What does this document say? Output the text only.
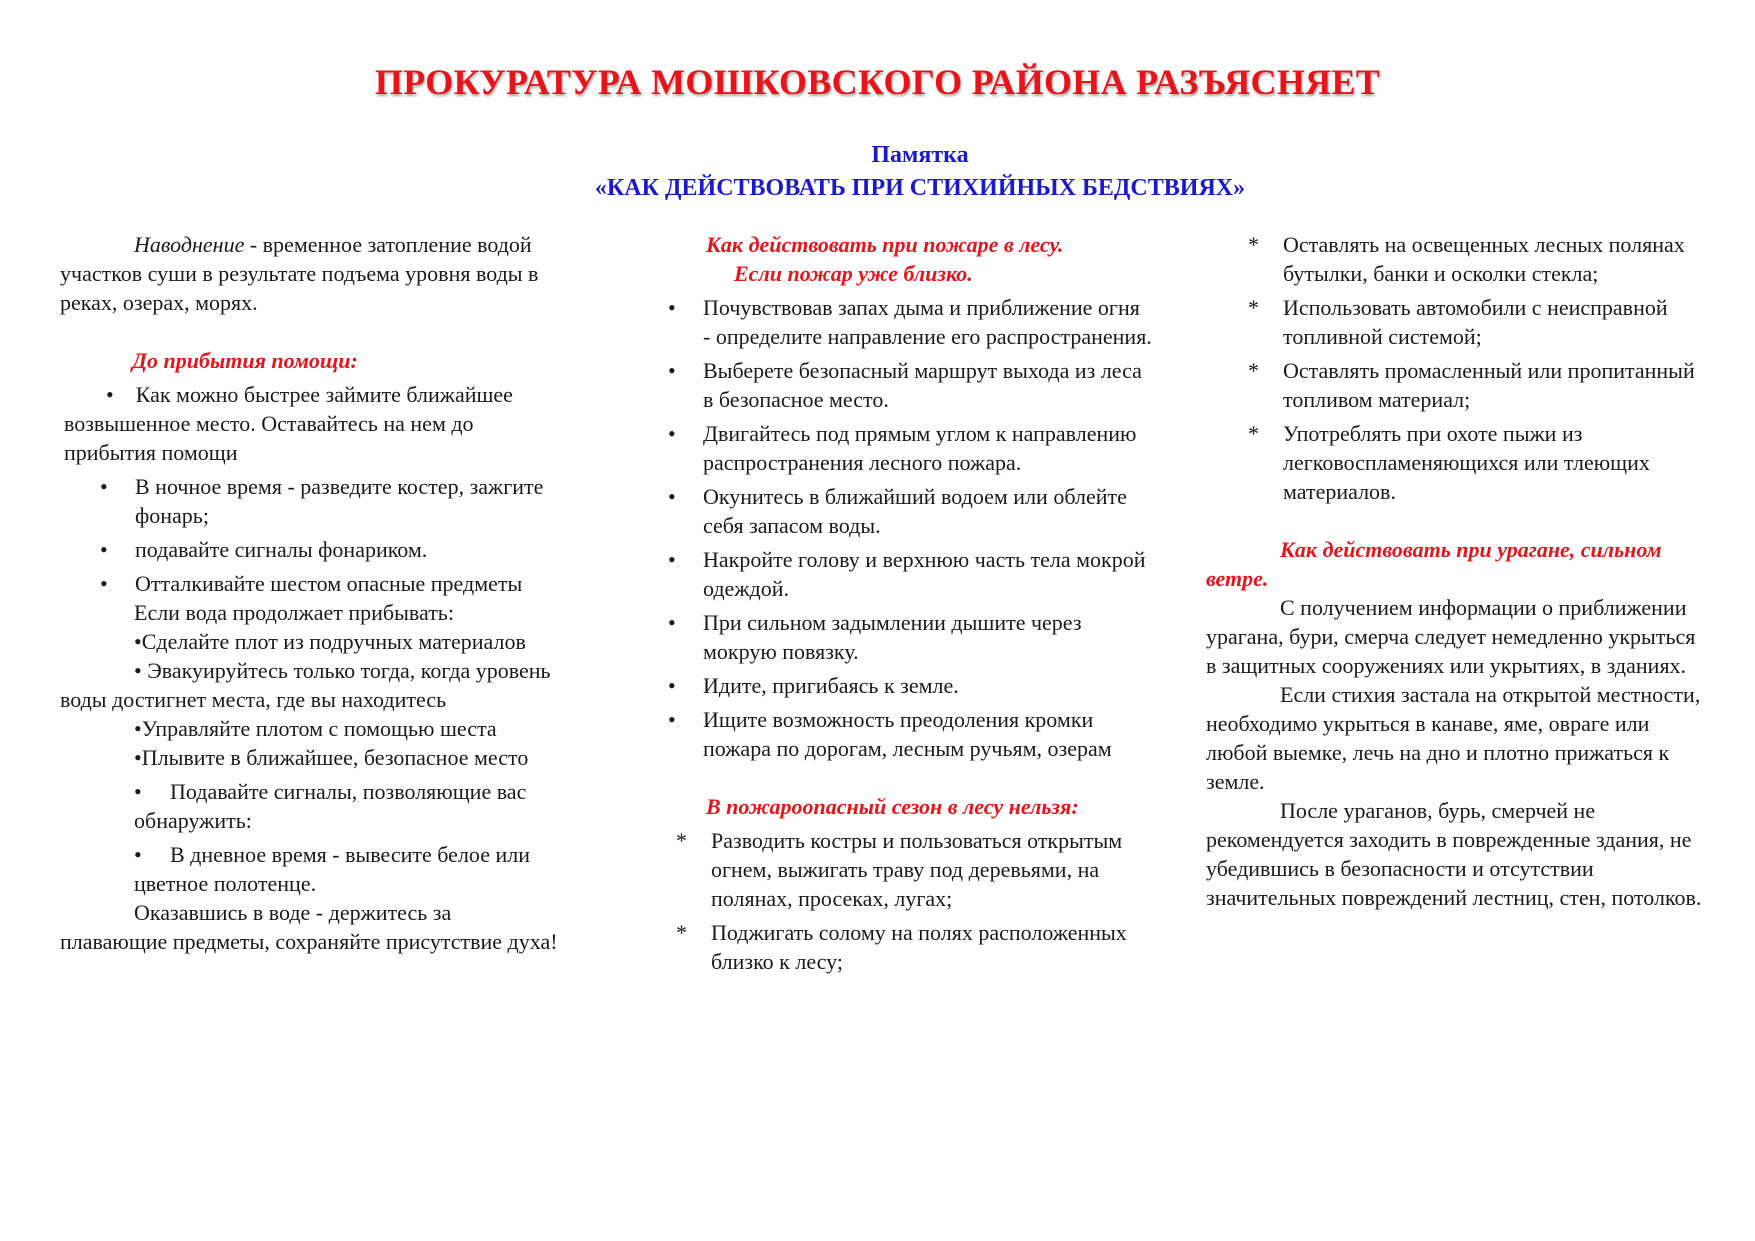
ПРОКУРАТУРА МОШКОВСКОГО РАЙОНА РАЗЪЯСНЯЕТ
Памятка
«КАК ДЕЙСТВОВАТЬ ПРИ СТИХИЙНЫХ БЕДСТВИЯХ»

Наводнение - временное затопление водой участков суши в результате подъема уровня воды в реках, озерах, морях.

До прибытия помощи:

• Как можно быстрее займите ближайшее возвышенное место. Оставайтесь на нем до прибытия помощи

•	В ночное время - разведите костер, зажгите фонарь;
•	подавайте сигналы фонариком.
•	Отталкивайте шестом опасные предметы

Если вода продолжает прибывать:

•Сделайте плот из подручных материалов

• Эвакуируйтесь только тогда, когда уровень воды достигнет места, где вы находитесь

•Управляйте плотом с помощью шеста

•Плывите в ближайшее, безопасное место

•	Подавайте сигналы, позволяющие вас обнаружить:

•	В дневное время - вывесите белое или цветное полотенце.

Оказавшись в воде - держитесь за плавающие предметы, сохраняйте присутствие духа!

Как действовать при пожаре в лесу.

Если пожар уже близко.

•	Почувствовав запах дыма и приближение огня - определите направление его распространения.
•	Выберете безопасный маршрут выхода из леса в безопасное место.
•	Двигайтесь под прямым углом к направлению распространения лесного пожара.
•	Окунитесь в ближайший водоем или облейте себя запасом воды.
•	Накройте голову и верхнюю часть тела мокрой одеждой.
•	При сильном задымлении дышите через мокрую повязку.
•	Идите, пригибаясь к земле.
•	Ищите возможность преодоления кромки пожара по дорогам, лесным ручьям, озерам

В пожароопасный сезон в лесу нельзя:

*	Разводить костры и пользоваться открытым огнем, выжигать траву под деревьями, на полянах, просеках, лугах;
*	Поджигать солому на полях расположенных близко к лесу;
*	Оставлять на освещенных лесных полянах бутылки, банки и осколки стекла;
*	Использовать автомобили с неисправной топливной системой;
*	Оставлять промасленный или пропитанный топливом материал;
*	Употреблять при охоте пыжи из легковоспламеняющихся или тлеющих материалов.

Как действовать при урагане, сильном ветре.

С получением информации о приближении урагана, бури, смерча следует немедленно укрыться в защитных сооружениях или укрытиях, в зданиях.

Если стихия застала на открытой местности, необходимо укрыться в канаве, яме, овраге или любой выемке, лечь на дно и плотно прижаться к земле.

После ураганов, бурь, смерчей не рекомендуется заходить в поврежденные здания, не убедившись в безопасности и отсутствии значительных повреждений лестниц, стен, потолков.
